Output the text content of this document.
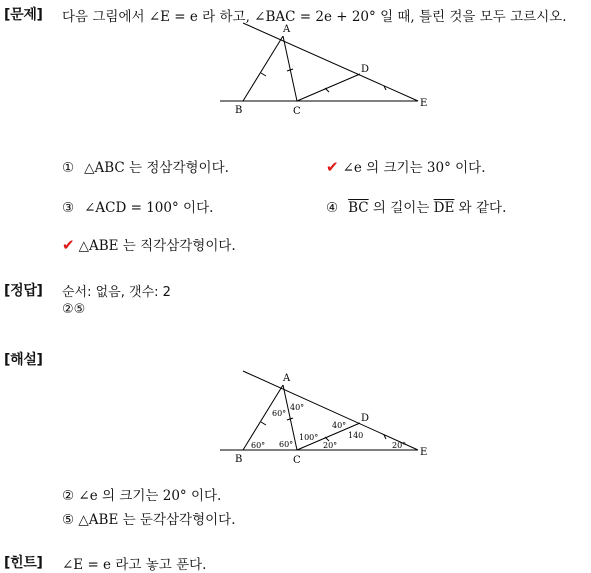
[문제] 다음 그림에서 ∠E = e 라 하고, ∠BAC = 2e + 20° 일 때, 틀린 것을 모두 고르시오.
A
B	C
D
E
① △ABC 는 정삼각형이다.	✔ ∠e 의 크기는 30° 이다.
③ ∠ACD = 100° 이다.	④ $\overline{BC}$ 의 길이는 $\overline{DE}$ 와 같다.
✔ △ABE 는 직각삼각형이다.
[정답] 순서: 없음, 갯수: 2
②⑤
[해설]
A
B	C
D
E
40°
60°
60° 60°
100°
40°
140
20°	20°
② ∠e 의 크기는 20° 이다.
⑤ △ABE 는 둔각삼각형이다.
[힌트] ∠E = e 라고 놓고 푼다.
